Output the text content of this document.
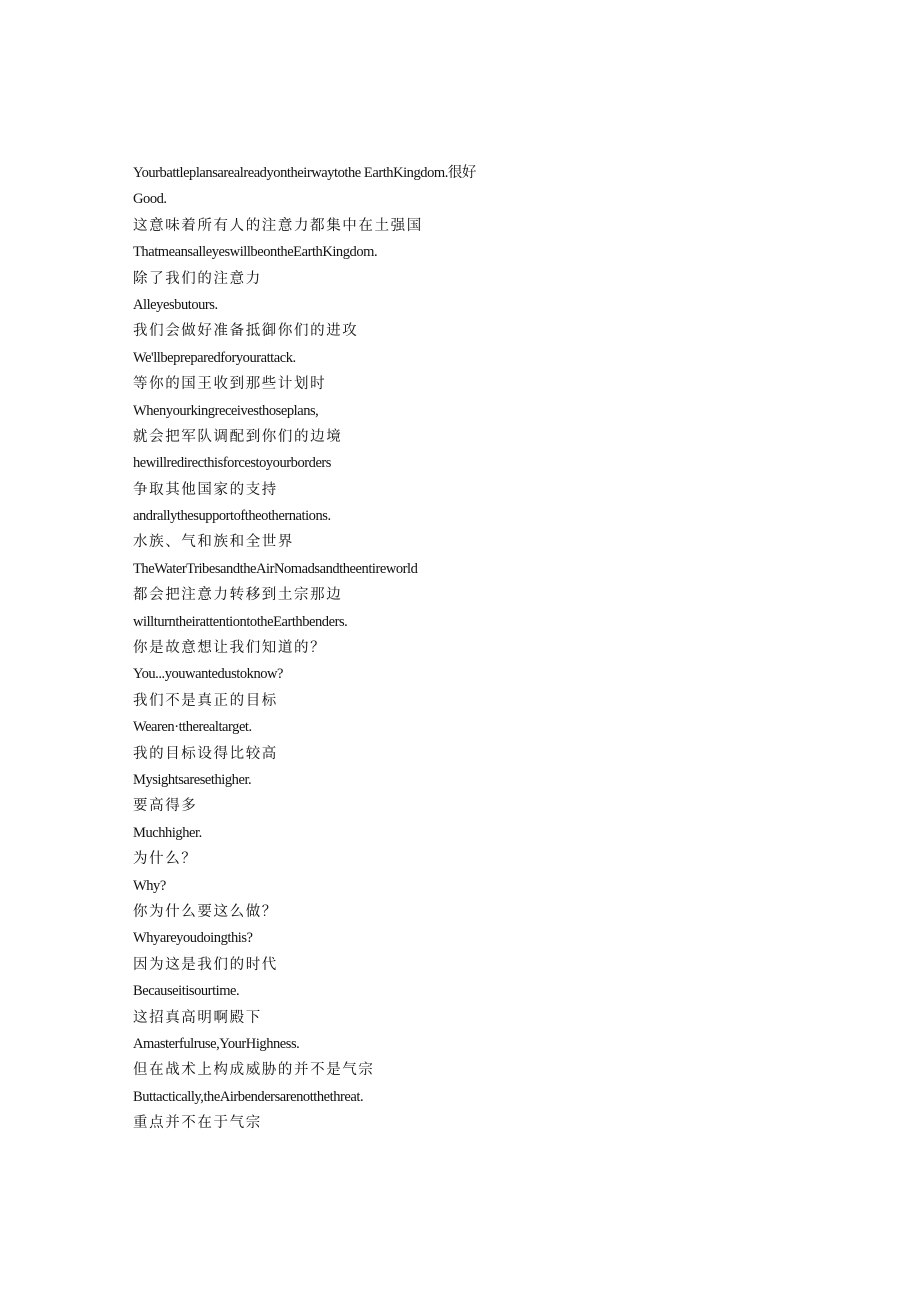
Yourbattleplansarealreadyontheirwaytothe EarthKingdom.很好
Good.
这意味着所有人的注意力都集中在土强国
ThatmeansalleyeswillbeontheEarthKingdom.
除了我们的注意力
Alleyesbutours.
我们会做好准备抵御你们的进攻
We'llbepreparedforyourattack.
等你的国王收到那些计划时
Whenyourkingreceivesthoseplans,
就会把军队调配到你们的边境
hewillredirecthisforcestoyourborders
争取其他国家的支持
andrallythesupportoftheothernations.
水族、气和族和全世界
TheWaterTribesandtheAirNomadsandtheentireworld
都会把注意力转移到土宗那边
willturntheirattentiontotheEarthbenders.
你是故意想让我们知道的？
You...youwantedustoknow?
我们不是真正的目标
Wearen·ttherealtarget.
我的目标设得比较高
Mysightsaresethigher.
要高得多
Muchhigher.
为什么？
Why?
你为什么要这么做？
Whyareyoudoingthis?
因为这是我们的时代
Becauseitisourtime.
这招真高明啊殿下
Amasterfulruse,YourHighness.
但在战术上构成威胁的并不是气宗
Buttactically,theAirbendersarenotthethreat.
重点并不在于气宗
